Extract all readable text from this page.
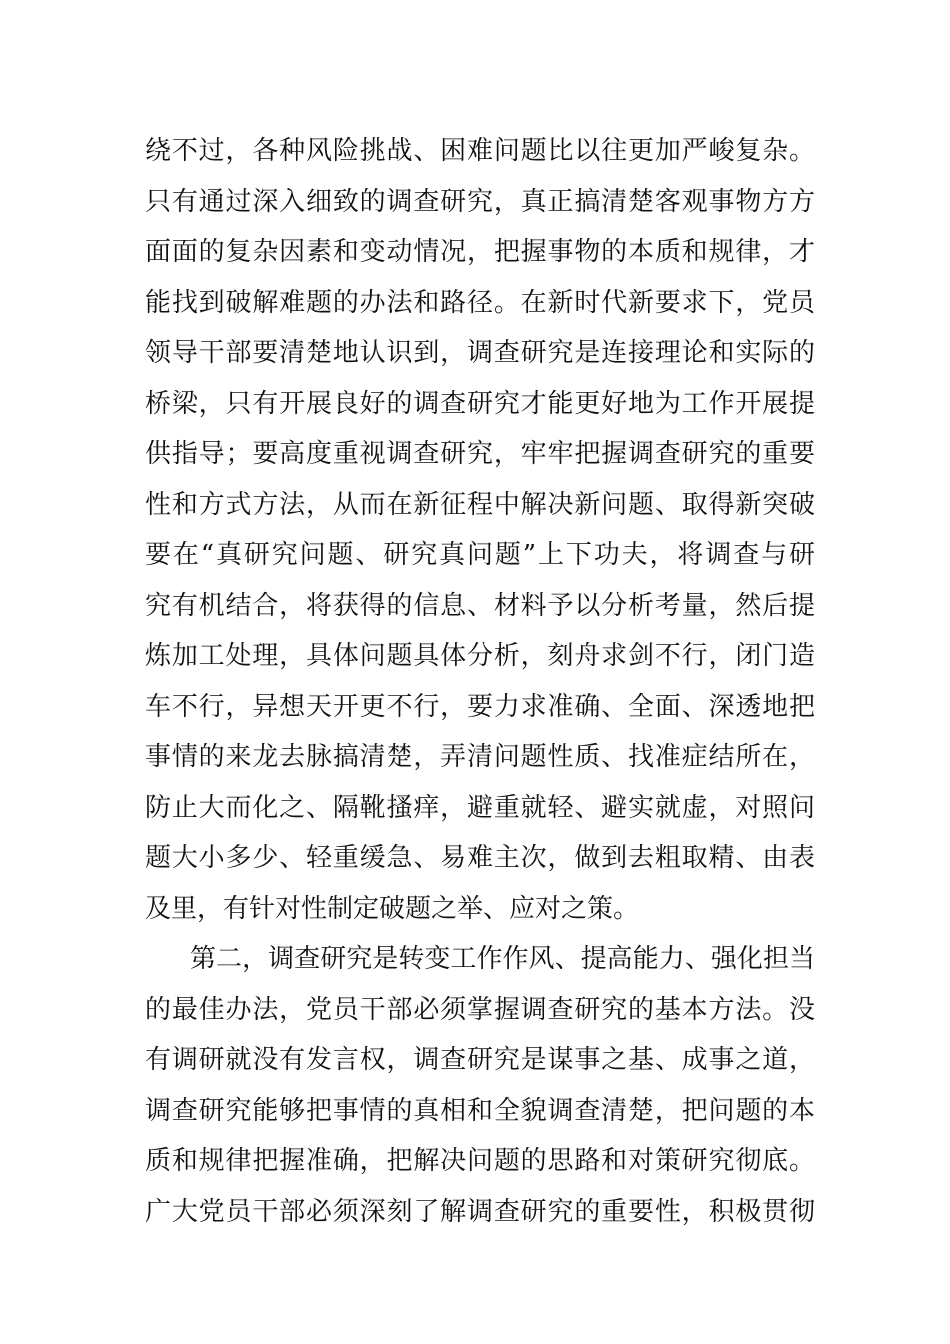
绕不过，各种风险挑战、困难问题比以往更加严峻复杂。
只有通过深入细致的调查研究，真正搞清楚客观事物方方
面面的复杂因素和变动情况，把握事物的本质和规律，才
能找到破解难题的办法和路径。在新时代新要求下，党员
领导干部要清楚地认识到，调查研究是连接理论和实际的
桥梁，只有开展良好的调查研究才能更好地为工作开展提
供指导；要高度重视调查研究，牢牢把握调查研究的重要
性和方式方法，从而在新征程中解决新问题、取得新突破
要在“真研究问题、研究真问题”上下功夫，将调查与研
究有机结合，将获得的信息、材料予以分析考量，然后提
炼加工处理，具体问题具体分析，刻舟求剑不行，闭门造
车不行，异想天开更不行，要力求准确、全面、深透地把
事情的来龙去脉搞清楚，弄清问题性质、找准症结所在，
防止大而化之、隔靴搔痒，避重就轻、避实就虚，对照问
题大小多少、轻重缓急、易难主次，做到去粗取精、由表
及里，有针对性制定破题之举、应对之策。
第二，调查研究是转变工作作风、提高能力、强化担当
的最佳办法，党员干部必须掌握调查研究的基本方法。没
有调研就没有发言权，调查研究是谋事之基、成事之道，
调查研究能够把事情的真相和全貌调查清楚，把问题的本
质和规律把握准确，把解决问题的思路和对策研究彻底。
广大党员干部必须深刻了解调查研究的重要性，积极贯彻
